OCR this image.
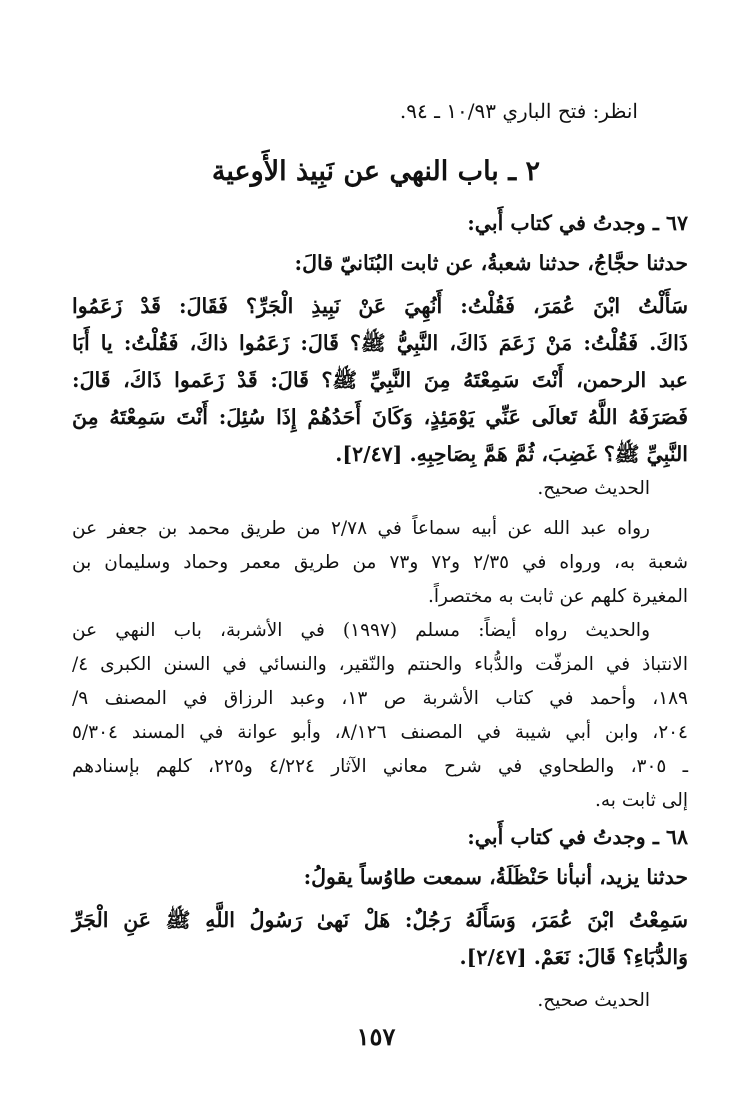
انظر: فتح الباري ١٠/٩٣ ـ ٩٤.
٢ ـ باب النهي عن نَبِيذ الأَوعية
٦٧ ـ وجدتُ في كتاب أَبي:
حدثنا حجَّاجُ، حدثنا شعبةُ، عن ثابت البُنَانيّ قالَ:
سَأَلْتُ ابْنَ عُمَرَ، فَقُلْتُ: أَنُهِيَ عَنْ نَبِيذِ الْجَرِّ؟ فَقَالَ: قَدْ زَعَمُوا
ذَاكَ. فَقُلْتُ: مَنْ زَعَمَ ذَاكَ، النَّبِيُّ ﷺ؟ قَالَ: زَعَمُوا ذاكَ، فَقُلْتُ: يا أَبَا
عبد الرحمن، أَنْتَ سَمِعْتَهُ مِنَ النَّبِيِّ ﷺ؟ قَالَ: قَدْ زَعَموا ذَاكَ، قَالَ:
فَصَرَفَهُ اللَّهُ تَعالَى عَنِّي يَوْمَئِذٍ، وَكَانَ أَحَدُهُمْ إِذَا سُئِلَ: أَنْتَ سَمِعْتَهُ مِنَ
النَّبِيِّ ﷺ؟ غَضِبَ، ثُمَّ هَمَّ بِصَاحِبِهِ. [٢/٤٧].
الحديث صحيح.
رواه عبد الله عن أبيه سماعاً في ٢/٧٨ من طريق محمد بن جعفر عن
شعبة به، ورواه في ٢/٣٥ و٧٢ و٧٣ من طريق معمر وحماد وسليمان بن
المغيرة كلهم عن ثابت به مختصراً.
والحديث رواه أيضاً: مسلم (١٩٩٧) في الأشربة، باب النهي عن
الانتباذ في المزفّت والدُّباء والحنتم والنّقير، والنسائي في السنن الكبرى ٤/
١٨٩، وأحمد في كتاب الأشربة ص ١٣، وعبد الرزاق في المصنف ٩/
٢٠٤، وابن أبي شيبة في المصنف ٨/١٢٦، وأبو عوانة في المسند ٥/٣٠٤
ـ ٣٠٥، والطحاوي في شرح معاني الآثار ٤/٢٢٤ و٢٢٥، كلهم بإسنادهم
إلى ثابت به.
٦٨ ـ وجدتُ في كتاب أَبي:
حدثنا يزيد، أنبأنا حَنْظَلَةُ، سمعت طاوُساً يقولُ:
سَمِعْتُ ابْنَ عُمَرَ، وَسَأَلَهُ رَجُلٌ: هَلْ نَهىٰ رَسُولُ اللَّهِ ﷺ عَنِ الْجَرِّ
وَالدُّبَاءِ؟ قَالَ: نَعَمْ. [٢/٤٧].
الحديث صحيح.
١٥٧
